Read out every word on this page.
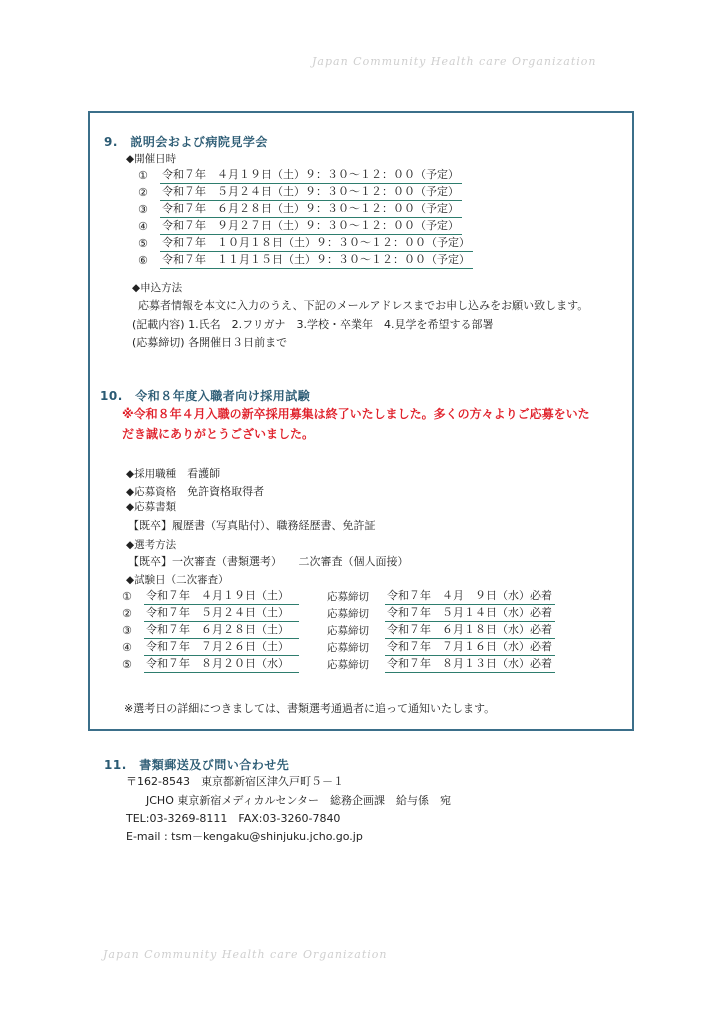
Japan Community Health care Organization
Japan Community Health care Organization
9.　説明会および病院見学会
◆開催日時
①	令和７年　４月１９日（土）９：３０〜１２：００（予定）
②	令和７年　５月２４日（土）９：３０〜１２：００（予定）
③	令和７年　６月２８日（土）９：３０〜１２：００（予定）
④	令和７年　９月２７日（土）９：３０〜１２：００（予定）
⑤	令和７年　１０月１８日（土）９：３０〜１２：００（予定）
⑥	令和７年　１１月１５日（土）９：３０〜１２：００（予定）
◆申込方法
応募者情報を本文に入力のうえ、下記のメールアドレスまでお申し込みをお願い致します。
(記載内容) 1.氏名　2.フリガナ　3.学校・卒業年　4.見学を希望する部署
(応募締切) 各開催日３日前まで
10.　令和８年度入職者向け採用試験
※令和８年４月入職の新卒採用募集は終了いたしました。多くの方々よりご応募をいた
だき誠にありがとうございました。
◆採用職種 看護師
◆応募資格 免許資格取得者
◆応募書類
【既卒】履歴書（写真貼付）、職務経歴書、免許証
◆選考方法
【既卒】一次審査（書類選考）　　二次審査（個人面接）
◆試験日（二次審査）
①	令和７年　４月１９日（土）	応募締切	令和７年　４月　９日（水）必着
②	令和７年　５月２４日（土）	応募締切	令和７年　５月１４日（水）必着
③	令和７年　６月２８日（土）	応募締切	令和７年　６月１８日（水）必着
④	令和７年　７月２６日（土）	応募締切	令和７年　７月１６日（水）必着
⑤	令和７年　８月２０日（水）	応募締切	令和７年　８月１３日（水）必着
※選考日の詳細につきましては、書類選考通過者に追って通知いたします。
11.　書類郵送及び問い合わせ先
〒162-8543　東京都新宿区津久戸町５－１
JCHO 東京新宿メディカルセンター　総務企画課　給与係　宛
TEL:03-3269-8111　FAX:03-3260-7840
E-mail : tsm－kengaku@shinjuku.jcho.go.jp
